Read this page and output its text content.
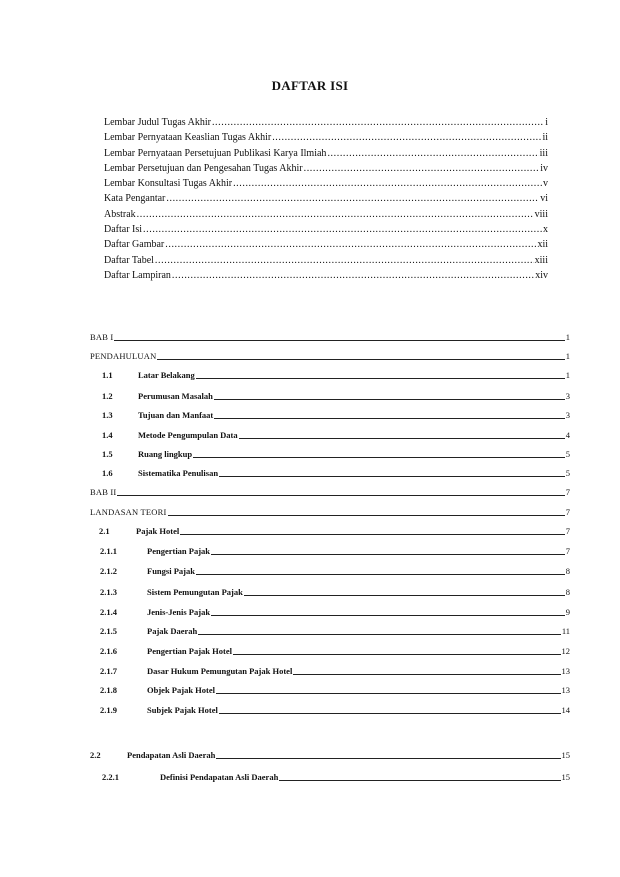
DAFTAR ISI
Lembar Judul Tugas Akhir .....	i
Lembar Pernyataan Keaslian Tugas Akhir .....	ii
Lembar Pernyataan Persetujuan Publikasi Karya Ilmiah .....	iii
Lembar Persetujuan dan Pengesahan Tugas Akhir .....	iv
Lembar Konsultasi Tugas Akhir .....	v
Kata Pengantar .....	vi
Abstrak .....	viii
Daftar Isi .....	x
Daftar Gambar .....	xii
Daftar Tabel .....	xiii
Daftar Lampiran .....	xiv
BAB I	1
PENDAHULUAN	1
1.1	Latar Belakang	1
1.2	Perumusan Masalah	3
1.3	Tujuan dan Manfaat	3
1.4	Metode Pengumpulan Data	4
1.5	Ruang lingkup	5
1.6	Sistematika Penulisan	5
BAB II	7
LANDASAN TEORI	7
2.1	Pajak Hotel	7
2.1.1	Pengertian Pajak	7
2.1.2	Fungsi Pajak	8
2.1.3	Sistem Pemungutan Pajak	8
2.1.4	Jenis-Jenis Pajak	9
2.1.5	Pajak Daerah	11
2.1.6	Pengertian Pajak Hotel	12
2.1.7	Dasar Hukum Pemungutan Pajak Hotel	13
2.1.8	Objek Pajak Hotel	13
2.1.9	Subjek Pajak Hotel	14
2.2	Pendapatan Asli Daerah	15
2.2.1	Definisi Pendapatan Asli Daerah	15
